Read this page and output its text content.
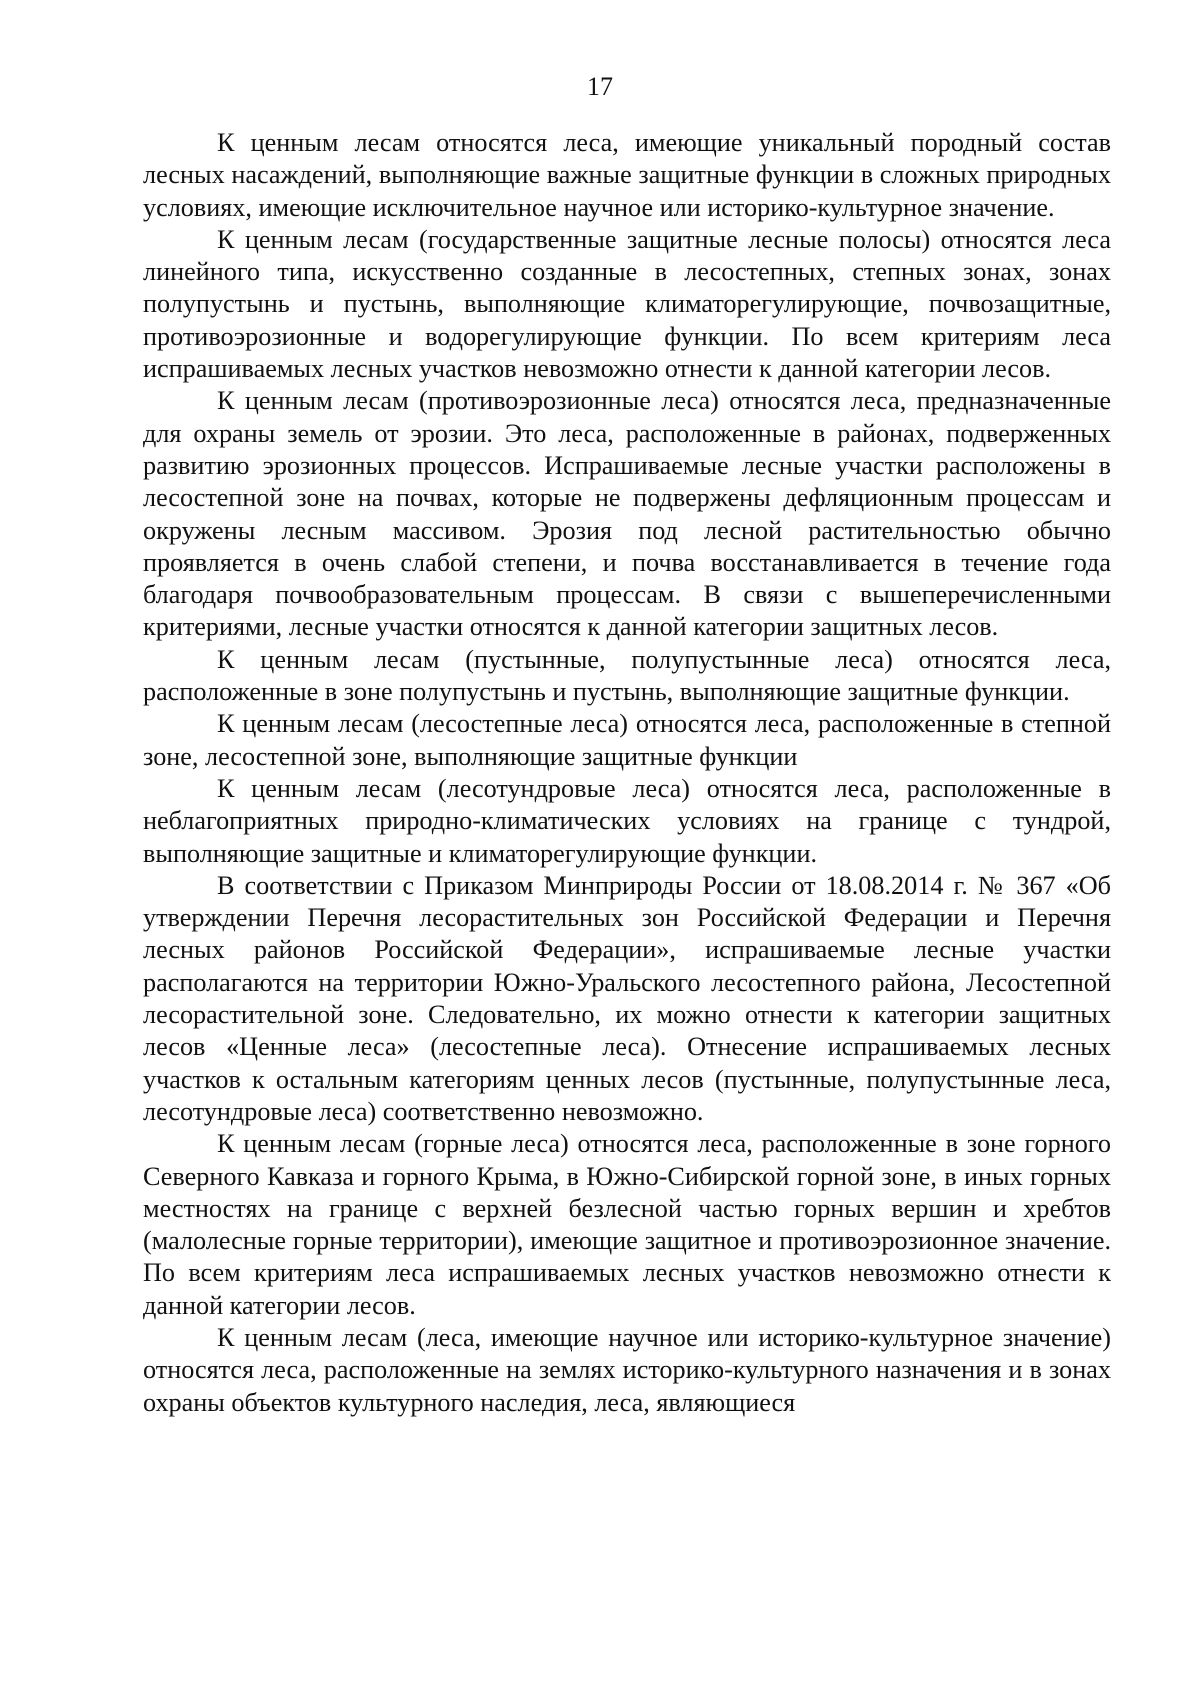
17

К ценным лесам относятся леса, имеющие уникальный породный состав лесных насаждений, выполняющие важные защитные функции в сложных природных условиях, имеющие исключительное научное или историко-культурное значение.

К ценным лесам (государственные защитные лесные полосы) относятся леса линейного типа, искусственно созданные в лесостепных, степных зонах, зонах полупустынь и пустынь, выполняющие климаторегулирующие, почвозащитные, противоэрозионные и водорегулирующие функции. По всем критериям леса испрашиваемых лесных участков невозможно отнести к данной категории лесов.

К ценным лесам (противоэрозионные леса) относятся леса, предназначенные для охраны земель от эрозии. Это леса, расположенные в районах, подверженных развитию эрозионных процессов. Испрашиваемые лесные участки расположены в лесостепной зоне на почвах, которые не подвержены дефляционным процессам и окружены лесным массивом. Эрозия под лесной растительностью обычно проявляется в очень слабой степени, и почва восстанавливается в течение года благодаря почвообразовательным процессам. В связи с вышеперечисленными критериями, лесные участки относятся к данной категории защитных лесов.

К ценным лесам (пустынные, полупустынные леса) относятся леса, расположенные в зоне полупустынь и пустынь, выполняющие защитные функции.

К ценным лесам (лесостепные леса) относятся леса, расположенные в степной зоне, лесостепной зоне, выполняющие защитные функции

К ценным лесам (лесотундровые леса) относятся леса, расположенные в неблагоприятных природно-климатических условиях на границе с тундрой, выполняющие защитные и климаторегулирующие функции.

В соответствии с Приказом Минприроды России от 18.08.2014 г. № 367 «Об утверждении Перечня лесорастительных зон Российской Федерации и Перечня лесных районов Российской Федерации», испрашиваемые лесные участки располагаются на территории Южно-Уральского лесостепного района, Лесостепной лесорастительной зоне. Следовательно, их можно отнести к категории защитных лесов «Ценные леса» (лесостепные леса). Отнесение испрашиваемых лесных участков к остальным категориям ценных лесов (пустынные, полупустынные леса, лесотундровые леса) соответственно невозможно.

К ценным лесам (горные леса) относятся леса, расположенные в зоне горного Северного Кавказа и горного Крыма, в Южно-Сибирской горной зоне, в иных горных местностях на границе с верхней безлесной частью горных вершин и хребтов (малолесные горные территории), имеющие защитное и противоэрозионное значение. По всем критериям леса испрашиваемых лесных участков невозможно отнести к данной категории лесов.

К ценным лесам (леса, имеющие научное или историко-культурное значение) относятся леса, расположенные на землях историко-культурного назначения и в зонах охраны объектов культурного наследия, леса, являющиеся
